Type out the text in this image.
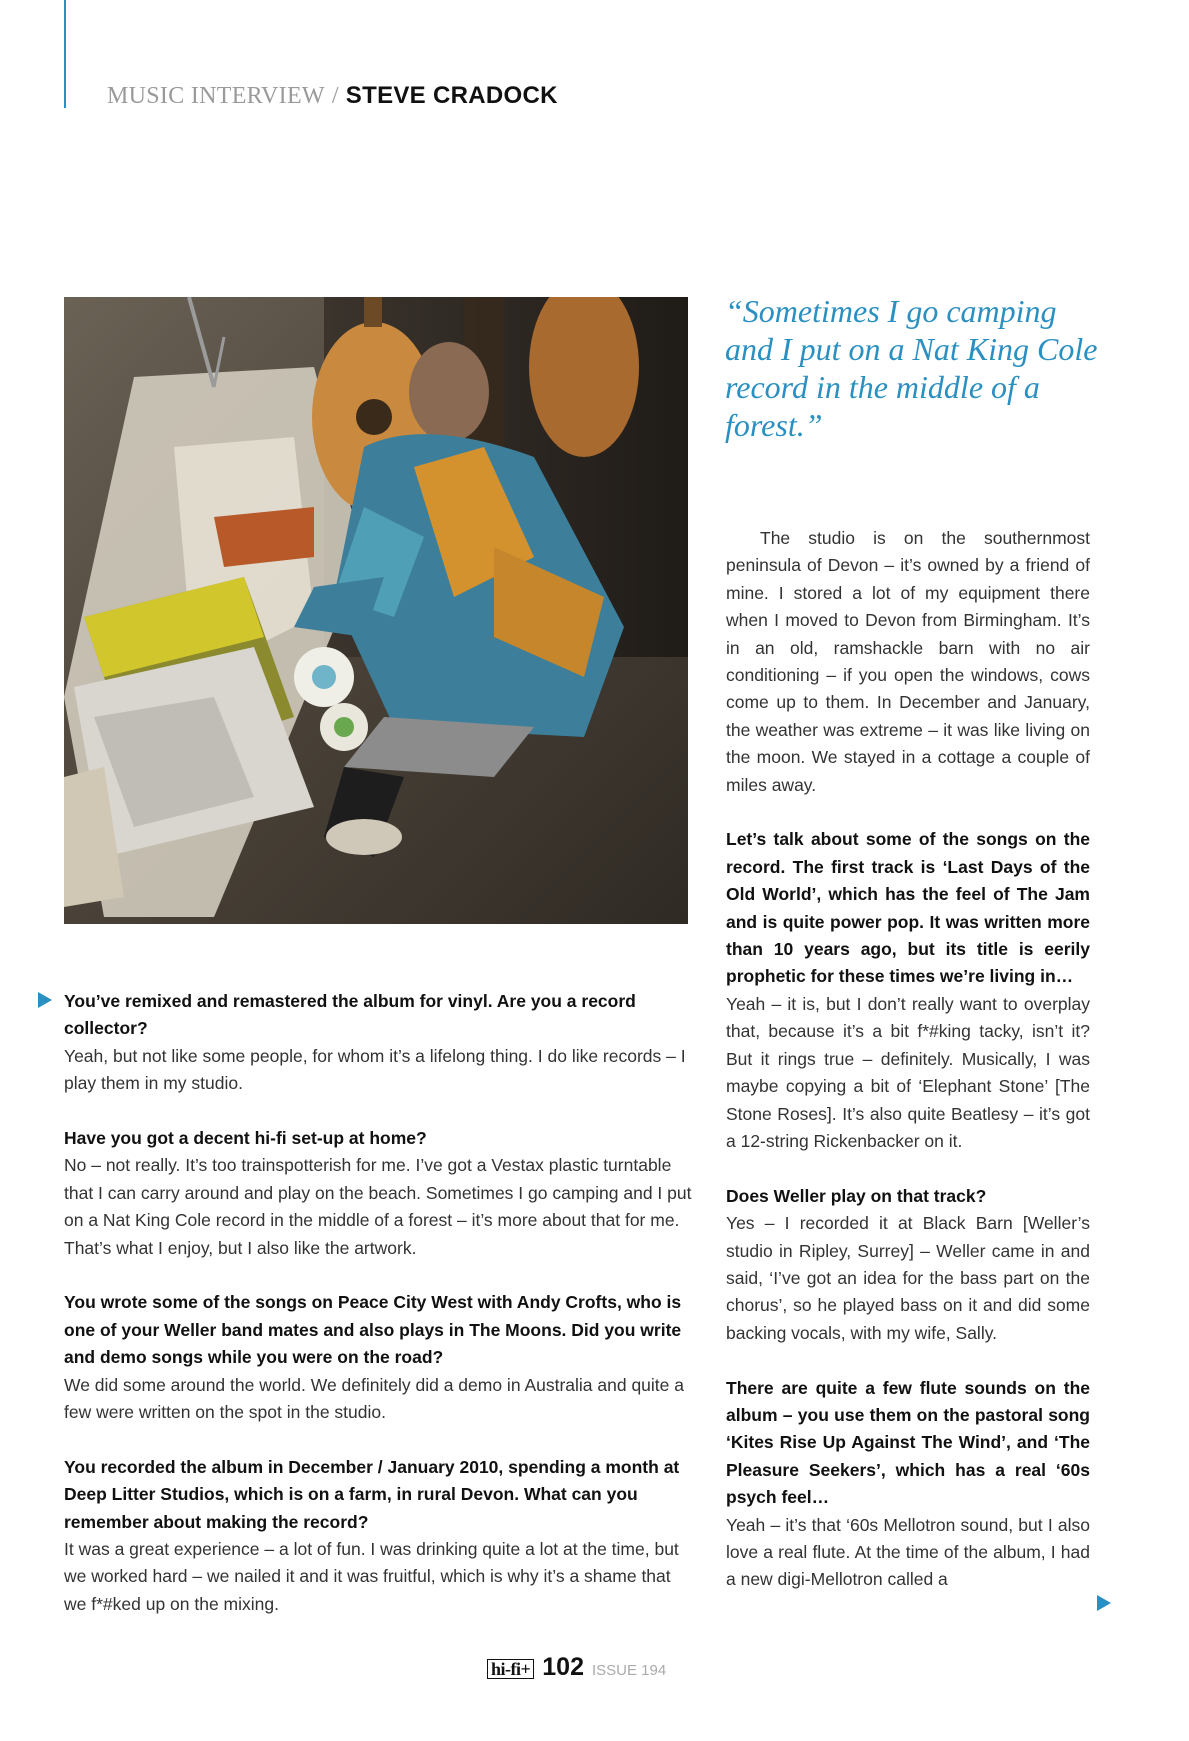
MUSIC INTERVIEW / STEVE CRADOCK
“Sometimes I go camping and I put on a Nat King Cole record in the middle of a forest.”

You’ve remixed and remastered the album for vinyl. Are you a record collector?
Yeah, but not like some people, for whom it’s a lifelong thing. I do like records – I play them in my studio.

Have you got a decent hi-fi set-up at home?
No – not really. It’s too trainspotterish for me. I’ve got a Vestax plastic turntable that I can carry around and play on the beach. Sometimes I go camping and I put on a Nat King Cole record in the middle of a forest – it’s more about that for me. That’s what I enjoy, but I also like the artwork.

You wrote some of the songs on Peace City West with Andy Crofts, who is one of your Weller band mates and also plays in The Moons. Did you write and demo songs while you were on the road?
We did some around the world. We definitely did a demo in Australia and quite a few were written on the spot in the studio.

You recorded the album in December / January 2010, spending a month at Deep Litter Studios, which is on a farm, in rural Devon. What can you remember about making the record?
It was a great experience – a lot of fun. I was drinking quite a lot at the time, but we worked hard – we nailed it and it was fruitful, which is why it’s a shame that we f*#ked up on the mixing.

The studio is on the southernmost peninsula of Devon – it’s owned by a friend of mine. I stored a lot of my equipment there when I moved to Devon from Birmingham. It’s in an old, ramshackle barn with no air conditioning – if you open the windows, cows come up to them. In December and January, the weather was extreme – it was like living on the moon. We stayed in a cottage a couple of miles away.

Let’s talk about some of the songs on the record. The first track is ‘Last Days of the Old World’, which has the feel of The Jam and is quite power pop. It was written more than 10 years ago, but its title is eerily prophetic for these times we’re living in…
Yeah – it is, but I don’t really want to overplay that, because it’s a bit f*#king tacky, isn’t it? But it rings true – definitely. Musically, I was maybe copying a bit of ‘Elephant Stone’ [The Stone Roses]. It’s also quite Beatlesy – it’s got a 12-string Rickenbacker on it.

Does Weller play on that track?
Yes – I recorded it at Black Barn [Weller’s studio in Ripley, Surrey] – Weller came in and said, ‘I’ve got an idea for the bass part on the chorus’, so he played bass on it and did some backing vocals, with my wife, Sally.

There are quite a few flute sounds on the album – you use them on the pastoral song ‘Kites Rise Up Against The Wind’, and ‘The Pleasure Seekers’, which has a real ‘60s psych feel…
Yeah – it’s that ‘60s Mellotron sound, but I also love a real flute. At the time of the album, I had a new digi-Mellotron called a

hi-fi+ 102 ISSUE 194
